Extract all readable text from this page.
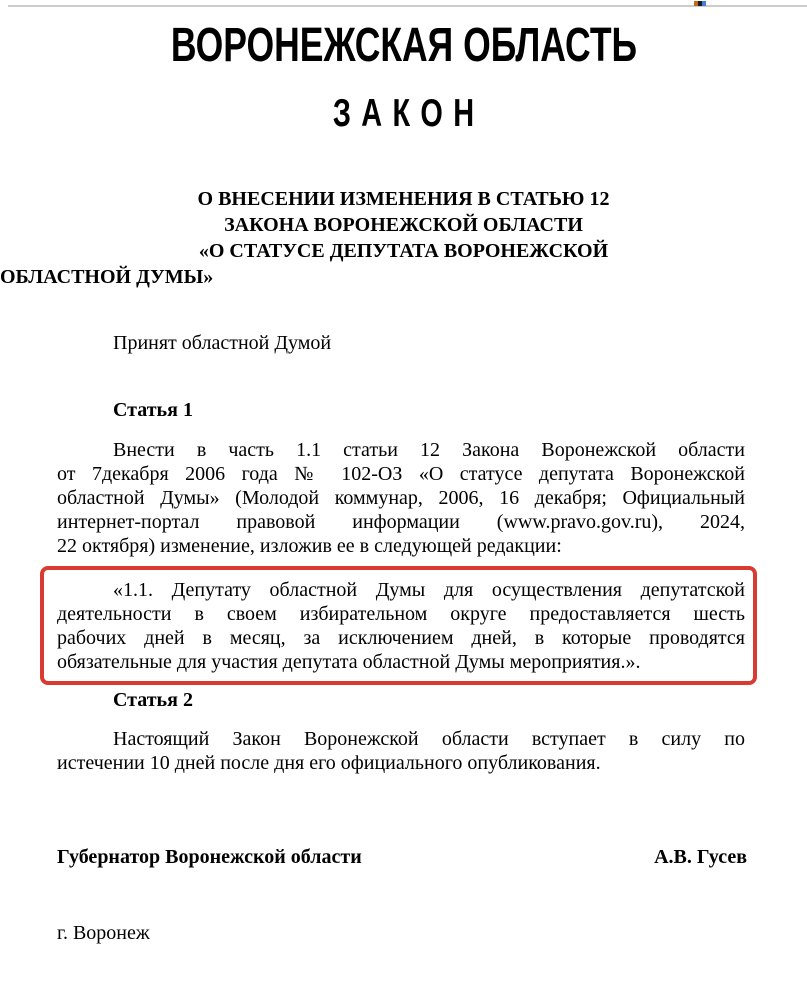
ВОРОНЕЖСКАЯ ОБЛАСТЬ
ЗАКОН
О ВНЕСЕНИИ ИЗМЕНЕНИЯ В СТАТЬЮ 12
ЗАКОНА ВОРОНЕЖСКОЙ ОБЛАСТИ
«О СТАТУСЕ ДЕПУТАТА ВОРОНЕЖСКОЙ
ОБЛАСТНОЙ ДУМЫ»
Принят областной Думой
Статья 1
Внести в часть 1.1 статьи 12 Закона Воронежской области
от 7декабря 2006 года № 102-ОЗ «О статусе депутата Воронежской
областной Думы» (Молодой коммунар, 2006, 16 декабря; Официальный
интернет-портал правовой информации (www.pravo.gov.ru), 2024,
22 октября) изменение, изложив ее в следующей редакции:
«1.1. Депутату областной Думы для осуществления депутатской
деятельности в своем избирательном округе предоставляется шесть
рабочих дней в месяц, за исключением дней, в которые проводятся
обязательные для участия депутата областной Думы мероприятия.».
Статья 2
Настоящий Закон Воронежской области вступает в силу по
истечении 10 дней после дня его официального опубликования.
Губернатор Воронежской области	А.В. Гусев
г. Воронеж
